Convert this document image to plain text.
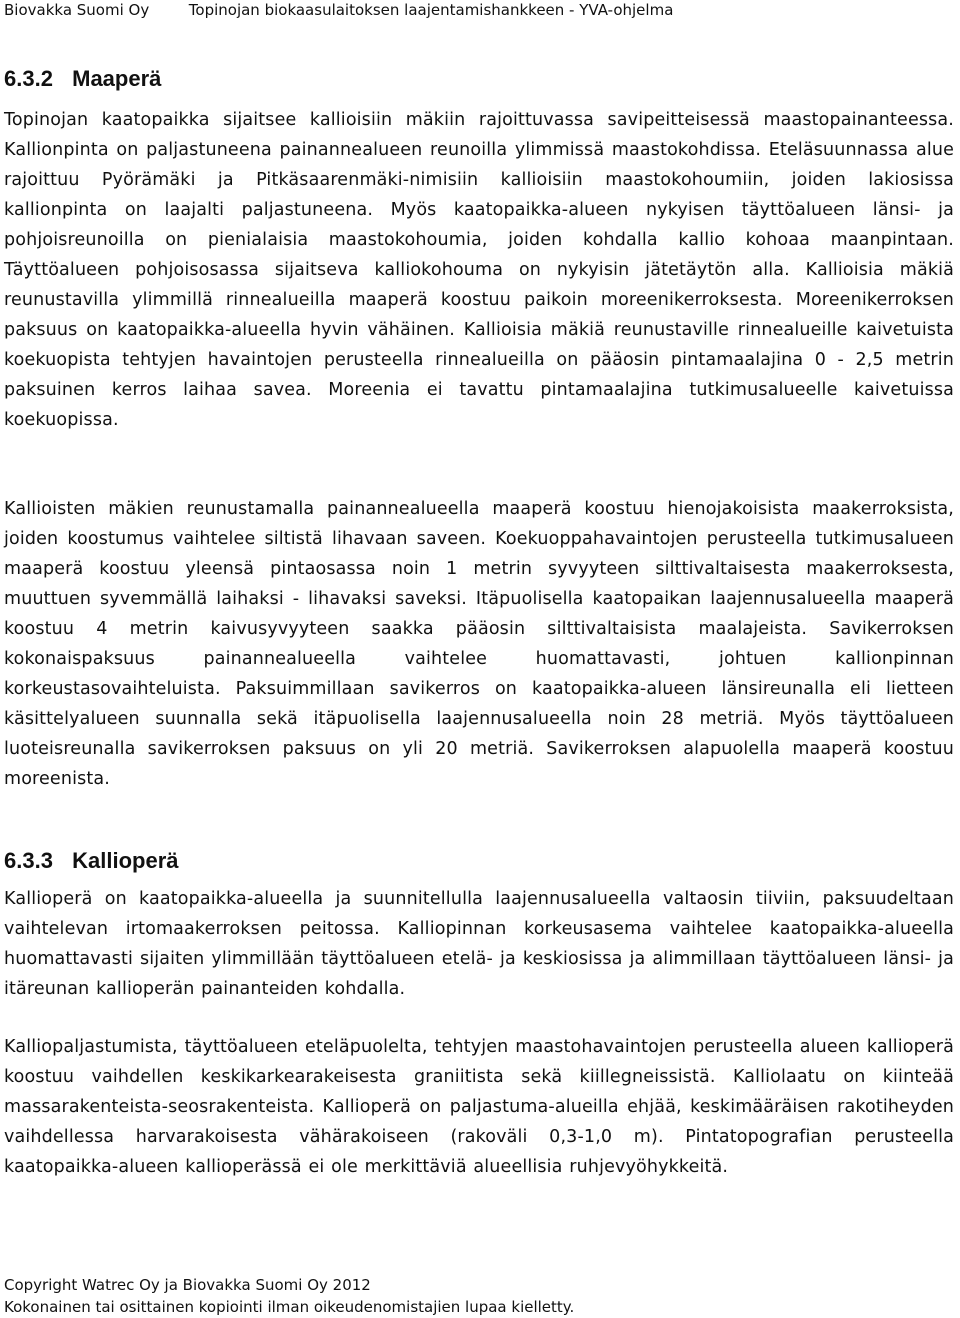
Biovakka Suomi Oy	Topinojan biokaasulaitoksen laajentamishankkeen - YVA-ohjelma
6.3.2 Maaperä

Topinojan kaatopaikka sijaitsee kallioisiin mäkiin rajoittuvassa savipeitteisessä maastopainanteessa. Kallionpinta on paljastuneena painannealueen reunoilla ylimmissä maastokohdissa. Eteläsuunnassa alue rajoittuu Pyörämäki ja Pitkäsaarenmäki-nimisiin kallioisiin maastokohoumiin, joiden lakiosissa kallionpinta on laajalti paljastuneena. Myös kaatopaikka-alueen nykyisen täyttöalueen länsi- ja pohjoisreunoilla on pienialaisia maastokohoumia, joiden kohdalla kallio kohoaa maanpintaan. Täyttöalueen pohjoisosassa sijaitseva kalliokohouma on nykyisin jätetäytön alla. Kallioisia mäkiä reunustavilla ylimmillä rinnealueilla maaperä koostuu paikoin moreenikerroksesta. Moreenikerroksen paksuus on kaatopaikka-alueella hyvin vähäinen. Kallioisia mäkiä reunustaville rinnealueille kaivetuista koekuopista tehtyjen havaintojen perusteella rinnealueilla on pääosin pintamaalajina 0 - 2,5 metrin paksuinen kerros laihaa savea. Moreenia ei tavattu pintamaalajina tutkimusalueelle kaivetuissa koekuopissa.

Kallioisten mäkien reunustamalla painannealueella maaperä koostuu hienojakoisista maakerroksista, joiden koostumus vaihtelee siltistä lihavaan saveen. Koekuoppahavaintojen perusteella tutkimusalueen maaperä koostuu yleensä pintaosassa noin 1 metrin syvyyteen silttivaltaisesta maakerroksesta, muuttuen syvemmällä laihaksi - lihavaksi saveksi. Itäpuolisella kaatopaikan laajennusalueella maaperä koostuu 4 metrin kaivusyvyyteen saakka pääosin silttivaltaisista maalajeista. Savikerroksen kokonaispaksuus painannealueella vaihtelee huomattavasti, johtuen kallionpinnan korkeustasovaihteluista. Paksuimmillaan savikerros on kaatopaikka-alueen länsireunalla eli lietteen käsittelyalueen suunnalla sekä itäpuolisella laajennusalueella noin 28 metriä. Myös täyttöalueen luoteisreunalla savikerroksen paksuus on yli 20 metriä. Savikerroksen alapuolella maaperä koostuu moreenista.

6.3.3 Kallioperä

Kallioperä on kaatopaikka-alueella ja suunnitellulla laajennusalueella valtaosin tiiviin, paksuudeltaan vaihtelevan irtomaakerroksen peitossa. Kalliopinnan korkeusasema vaihtelee kaatopaikka-alueella huomattavasti sijaiten ylimmillään täyttöalueen etelä- ja keskiosissa ja alimmillaan täyttöalueen länsi- ja itäreunan kallioperän painanteiden kohdalla.

Kalliopaljastumista, täyttöalueen eteläpuolelta, tehtyjen maastohavaintojen perusteella alueen kallioperä koostuu vaihdellen keskikarkearakeisesta graniitista sekä kiillegneissistä. Kalliolaatu on kiinteää massarakenteista-seosrakenteista. Kallioperä on paljastuma-alueilla ehjää, keskimääräisen rakotiheyden vaihdellessa harvarakoisesta vähärakoiseen (rakoväli 0,3-1,0 m). Pintatopografian perusteella kaatopaikka-alueen kallioperässä ei ole merkittäviä alueellisia ruhjevyöhykkeitä.

Copyright Watrec Oy ja Biovakka Suomi Oy 2012
Kokonainen tai osittainen kopiointi ilman oikeudenomistajien lupaa kielletty.
